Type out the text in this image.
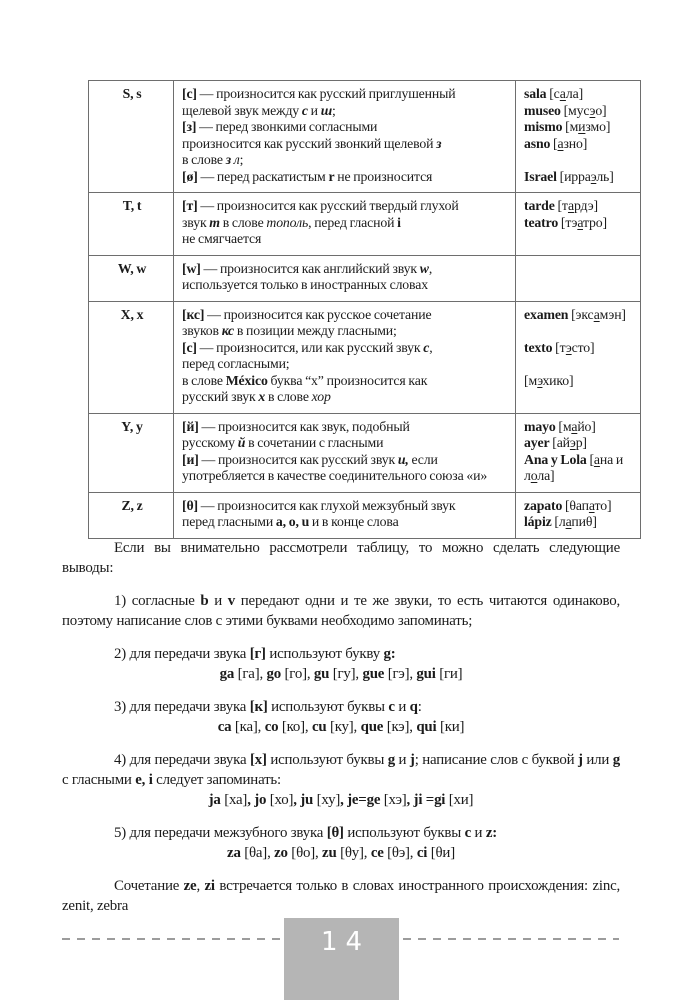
S, s	[с] — произносится как русский приглушенный
щелевой звук между с и ш;
[з] — перед звонкими согласными
произносится как русский звонкий щелевой з
в слове з л;
[ø] — перед раскатистым r не произносится	sala [сала]
museo [мусэо]
mismo [мизмо]
asno [азно]

Israel [ирраэль]
T, t	[т] — произносится как русский твердый глухой
звук т в слове тополь, перед гласной i
не смягчается	tarde [тардэ]
teatro [тэатро]
W, w	[w] — произносится как английский звук w,
используется только в иностранных словах	
X, x	[кс] — произносится как русское сочетание
звуков кс в позиции между гласными;
[с] — произносится, или как русский звук с,
перед согласными;
в слове México буква “х” произносится как
русский звук х в слове хор	examen [эксамэн]

texto [тэсто]

[мэхико]
Y, y	[й] — произносится как звук, подобный
русскому й в сочетании с гласными
[и] — произносится как русский звук и, если
употребляется в качестве соединительного союза «и»	mayo [майо]
ayer [айэр]
Ana y Lola [ана и
лола]
Z, z	[θ] — произносится как глухой межзубный звук
перед гласными a, o, u и в конце слова	zapato [θапато]
lápiz [лапиθ]

Если вы внимательно рассмотрели таблицу, то можно сделать следующие выводы:

1) согласные b и v передают одни и те же звуки, то есть читаются одинаково, поэтому написание слов с этими буквами необходимо запоминать;

2) для передачи звука [г] используют букву g:

ga [га], go [го], gu [гу], gue [гэ], gui [ги]

3) для передачи звука [к] используют буквы c и q:

ca [ка], co [ко], cu [ку], que [кэ], qui [ки]

4) для передачи звука [х] используют буквы g и j; написание слов с буквой j или g с гласными e, i следует запоминать:

ja [ха], jo [хо], ju [ху], je=ge [хэ], ji =gi [хи]

5) для передачи межзубного звука [θ] используют буквы c и z:

za [θа], zo [θо], zu [θу], ce [θэ], ci [θи]

Сочетание ze, zi встречается только в словах иностранного происхождения: zinc, zenit, zebra

14
